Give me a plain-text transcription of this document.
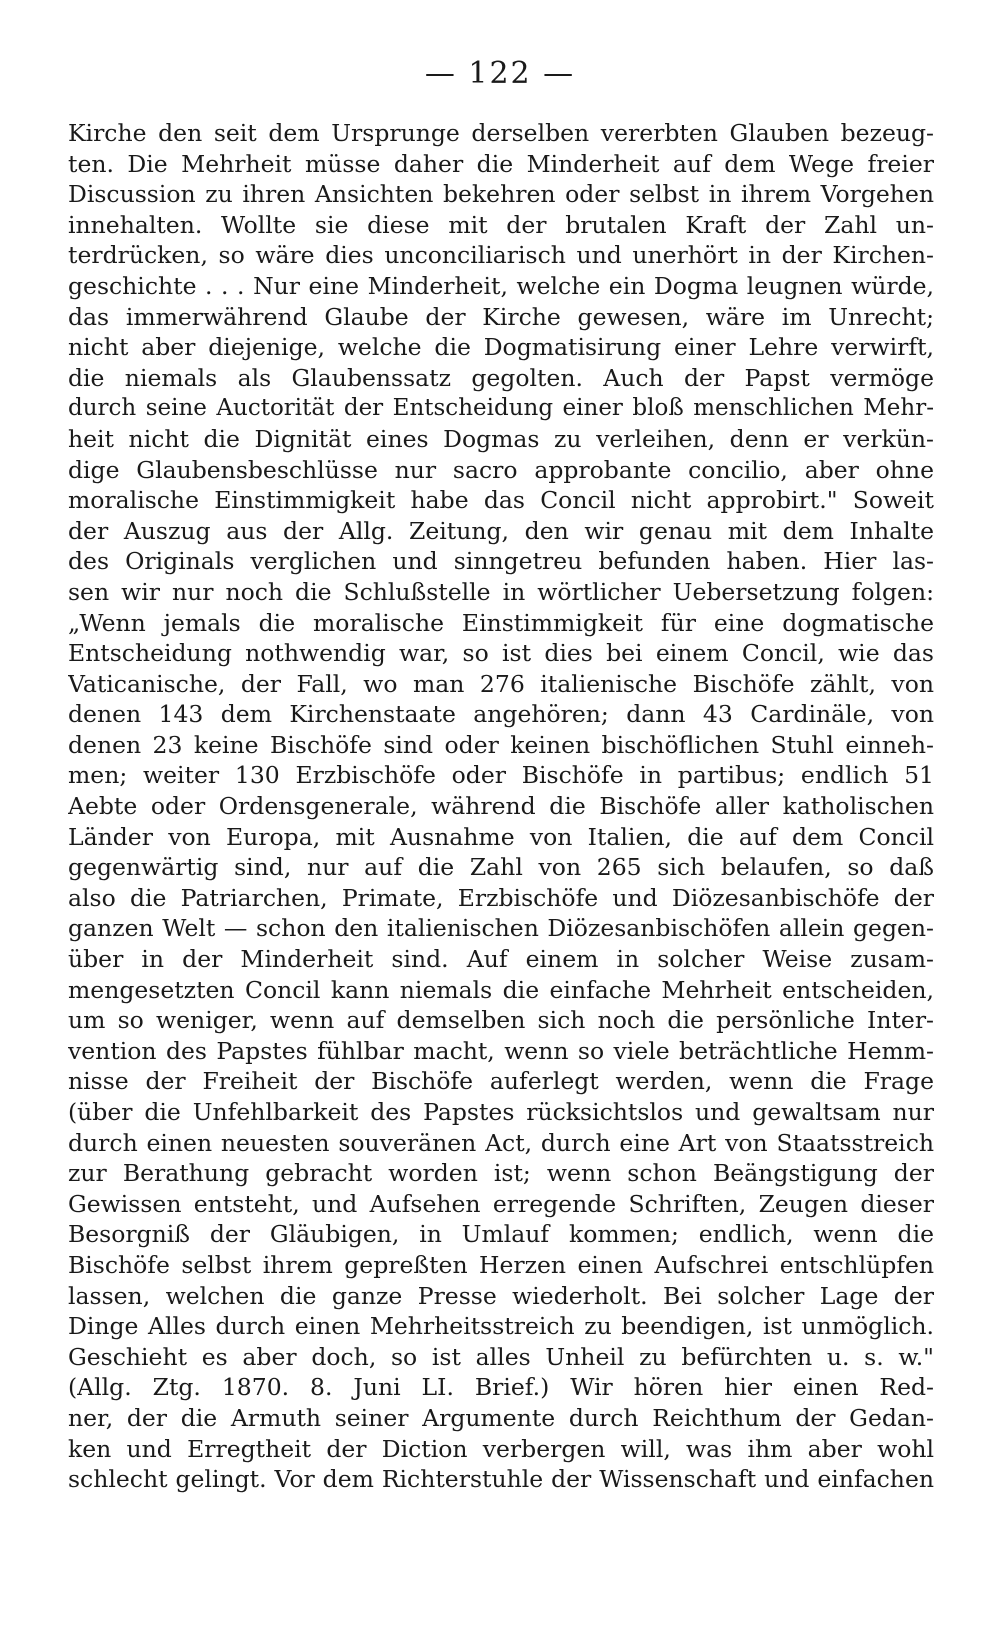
— 122 —
Kirche den seit dem Ursprunge derselben vererbten Glauben bezeug-
ten. Die Mehrheit müsse daher die Minderheit auf dem Wege freier
Discussion zu ihren Ansichten bekehren oder selbst in ihrem Vorgehen
innehalten. Wollte sie diese mit der brutalen Kraft der Zahl un-
terdrücken, so wäre dies unconciliarisch und unerhört in der Kirchen-
geschichte . . . Nur eine Minderheit, welche ein Dogma leugnen würde,
das immerwährend Glaube der Kirche gewesen, wäre im Unrecht;
nicht aber diejenige, welche die Dogmatisirung einer Lehre verwirft,
die niemals als Glaubenssatz gegolten. Auch der Papst vermöge
durch seine Auctorität der Entscheidung einer bloß menschlichen Mehr-
heit nicht die Dignität eines Dogmas zu verleihen, denn er verkün-
dige Glaubensbeschlüsse nur sacro approbante concilio, aber ohne
moralische Einstimmigkeit habe das Concil nicht approbirt." Soweit
der Auszug aus der Allg. Zeitung, den wir genau mit dem Inhalte
des Originals verglichen und sinngetreu befunden haben. Hier las-
sen wir nur noch die Schlußstelle in wörtlicher Uebersetzung folgen:
„Wenn jemals die moralische Einstimmigkeit für eine dogmatische
Entscheidung nothwendig war, so ist dies bei einem Concil, wie das
Vaticanische, der Fall, wo man 276 italienische Bischöfe zählt, von
denen 143 dem Kirchenstaate angehören; dann 43 Cardinäle, von
denen 23 keine Bischöfe sind oder keinen bischöflichen Stuhl einneh-
men; weiter 130 Erzbischöfe oder Bischöfe in partibus; endlich 51
Aebte oder Ordensgenerale, während die Bischöfe aller katholischen
Länder von Europa, mit Ausnahme von Italien, die auf dem Concil
gegenwärtig sind, nur auf die Zahl von 265 sich belaufen, so daß
also die Patriarchen, Primate, Erzbischöfe und Diözesanbischöfe der
ganzen Welt — schon den italienischen Diözesanbischöfen allein gegen-
über in der Minderheit sind. Auf einem in solcher Weise zusam-
mengesetzten Concil kann niemals die einfache Mehrheit entscheiden,
um so weniger, wenn auf demselben sich noch die persönliche Inter-
vention des Papstes fühlbar macht, wenn so viele beträchtliche Hemm-
nisse der Freiheit der Bischöfe auferlegt werden, wenn die Frage
(über die Unfehlbarkeit des Papstes rücksichtslos und gewaltsam nur
durch einen neuesten souveränen Act, durch eine Art von Staatsstreich
zur Berathung gebracht worden ist; wenn schon Beängstigung der
Gewissen entsteht, und Aufsehen erregende Schriften, Zeugen dieser
Besorgniß der Gläubigen, in Umlauf kommen; endlich, wenn die
Bischöfe selbst ihrem gepreßten Herzen einen Aufschrei entschlüpfen
lassen, welchen die ganze Presse wiederholt. Bei solcher Lage der
Dinge Alles durch einen Mehrheitsstreich zu beendigen, ist unmöglich.
Geschieht es aber doch, so ist alles Unheil zu befürchten u. s. w."
(Allg. Ztg. 1870. 8. Juni LI. Brief.) Wir hören hier einen Red-
ner, der die Armuth seiner Argumente durch Reichthum der Gedan-
ken und Erregtheit der Diction verbergen will, was ihm aber wohl
schlecht gelingt. Vor dem Richterstuhle der Wissenschaft und einfachen
